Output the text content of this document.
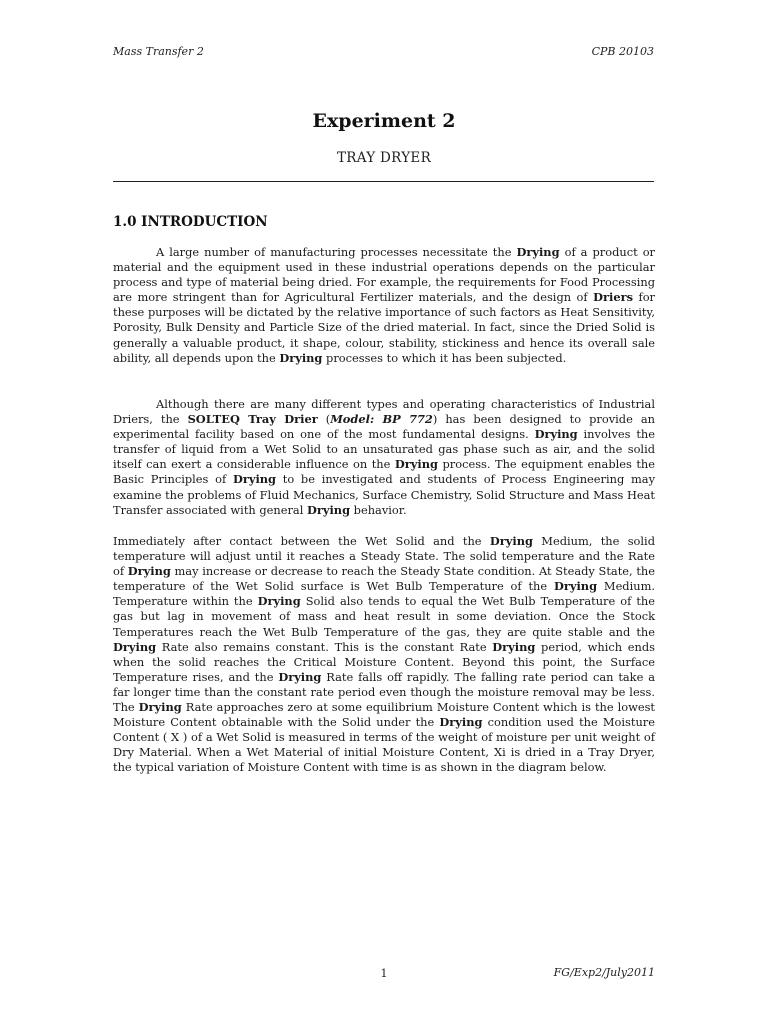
Mass Transfer 2	CPB 20103
Experiment 2
TRAY DRYER
1.0 INTRODUCTION
A large number of manufacturing processes necessitate the Drying of a product or material and the equipment used in these industrial operations depends on the particular process and type of material being dried. For example, the requirements for Food Processing are more stringent than for Agricultural Fertilizer materials, and the design of Driers for these purposes will be dictated by the relative importance of such factors as Heat Sensitivity, Porosity, Bulk Density and Particle Size of the dried material. In fact, since the Dried Solid is generally a valuable product, it shape, colour, stability, stickiness and hence its overall sale ability, all depends upon the Drying processes to which it has been subjected.
Although there are many different types and operating characteristics of Industrial Driers, the SOLTEQ Tray Drier (Model: BP 772) has been designed to provide an experimental facility based on one of the most fundamental designs. Drying involves the transfer of liquid from a Wet Solid to an unsaturated gas phase such as air, and the solid itself can exert a considerable influence on the Drying process. The equipment enables the Basic Principles of Drying to be investigated and students of Process Engineering may examine the problems of Fluid Mechanics, Surface Chemistry, Solid Structure and Mass Heat Transfer associated with general Drying behavior.
Immediately after contact between the Wet Solid and the Drying Medium, the solid temperature will adjust until it reaches a Steady State. The solid temperature and the Rate of Drying may increase or decrease to reach the Steady State condition. At Steady State, the temperature of the Wet Solid surface is Wet Bulb Temperature of the Drying Medium. Temperature within the Drying Solid also tends to equal the Wet Bulb Temperature of the gas but lag in movement of mass and heat result in some deviation. Once the Stock Temperatures reach the Wet Bulb Temperature of the gas, they are quite stable and the Drying Rate also remains constant. This is the constant Rate Drying period, which ends when the solid reaches the Critical Moisture Content. Beyond this point, the Surface Temperature rises, and the Drying Rate falls off rapidly. The falling rate period can take a far longer time than the constant rate period even though the moisture removal may be less. The Drying Rate approaches zero at some equilibrium Moisture Content which is the lowest Moisture Content obtainable with the Solid under the Drying condition used the Moisture Content ( X ) of a Wet Solid is measured in terms of the weight of moisture per unit weight of Dry Material. When a Wet Material of initial Moisture Content, Xi is dried in a Tray Dryer, the typical variation of Moisture Content with time is as shown in the diagram below.
1	FG/Exp2/July2011
